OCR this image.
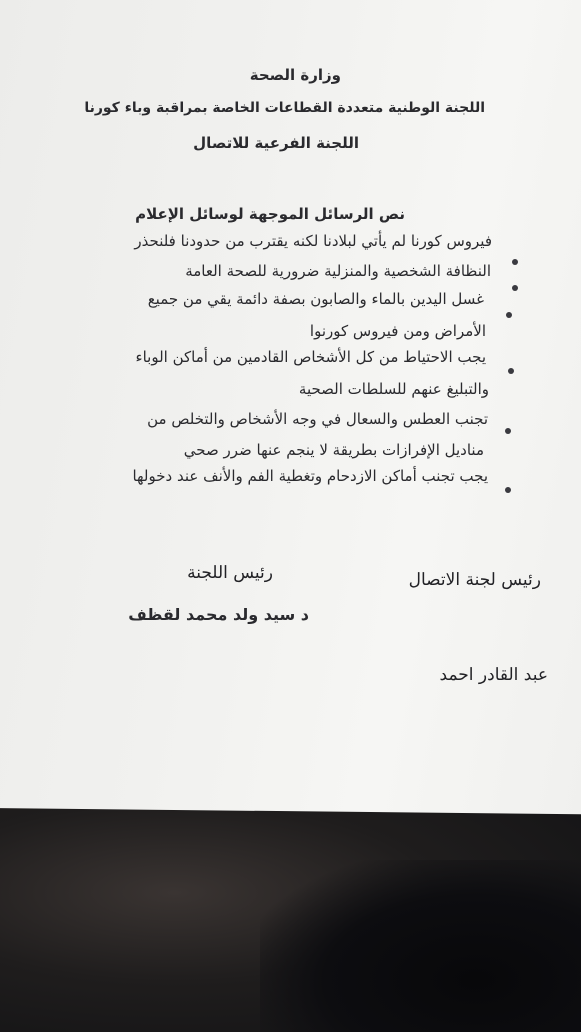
وزارة الصحة
اللجنة الوطنية متعددة القطاعات الخاصة بمراقبة وباء كورنا
اللجنة الفرعية للاتصال
نص الرسائل الموجهة لوسائل الإعلام
فيروس كورنا لم يأتي لبلادنا لكنه يقترب من حدودنا فلنحذر
النظافة الشخصية والمنزلية ضرورية للصحة العامة
غسل اليدين بالماء والصابون بصفة دائمة يقي من جميع
الأمراض ومن فيروس كورنوا
يجب الاحتياط من كل الأشخاص القادمين من أماكن الوباء
والتبليغ عنهم للسلطات الصحية
تجنب العطس والسعال في وجه الأشخاص والتخلص من
مناديل الإفرازات بطريقة لا ينجم عنها ضرر صحي
يجب تجنب أماكن الازدحام وتغطية الفم والأنف عند دخولها
رئيس اللجنة	رئيس لجنة الاتصال
د سيد ولد محمد لقظف
عبد القادر احمد
